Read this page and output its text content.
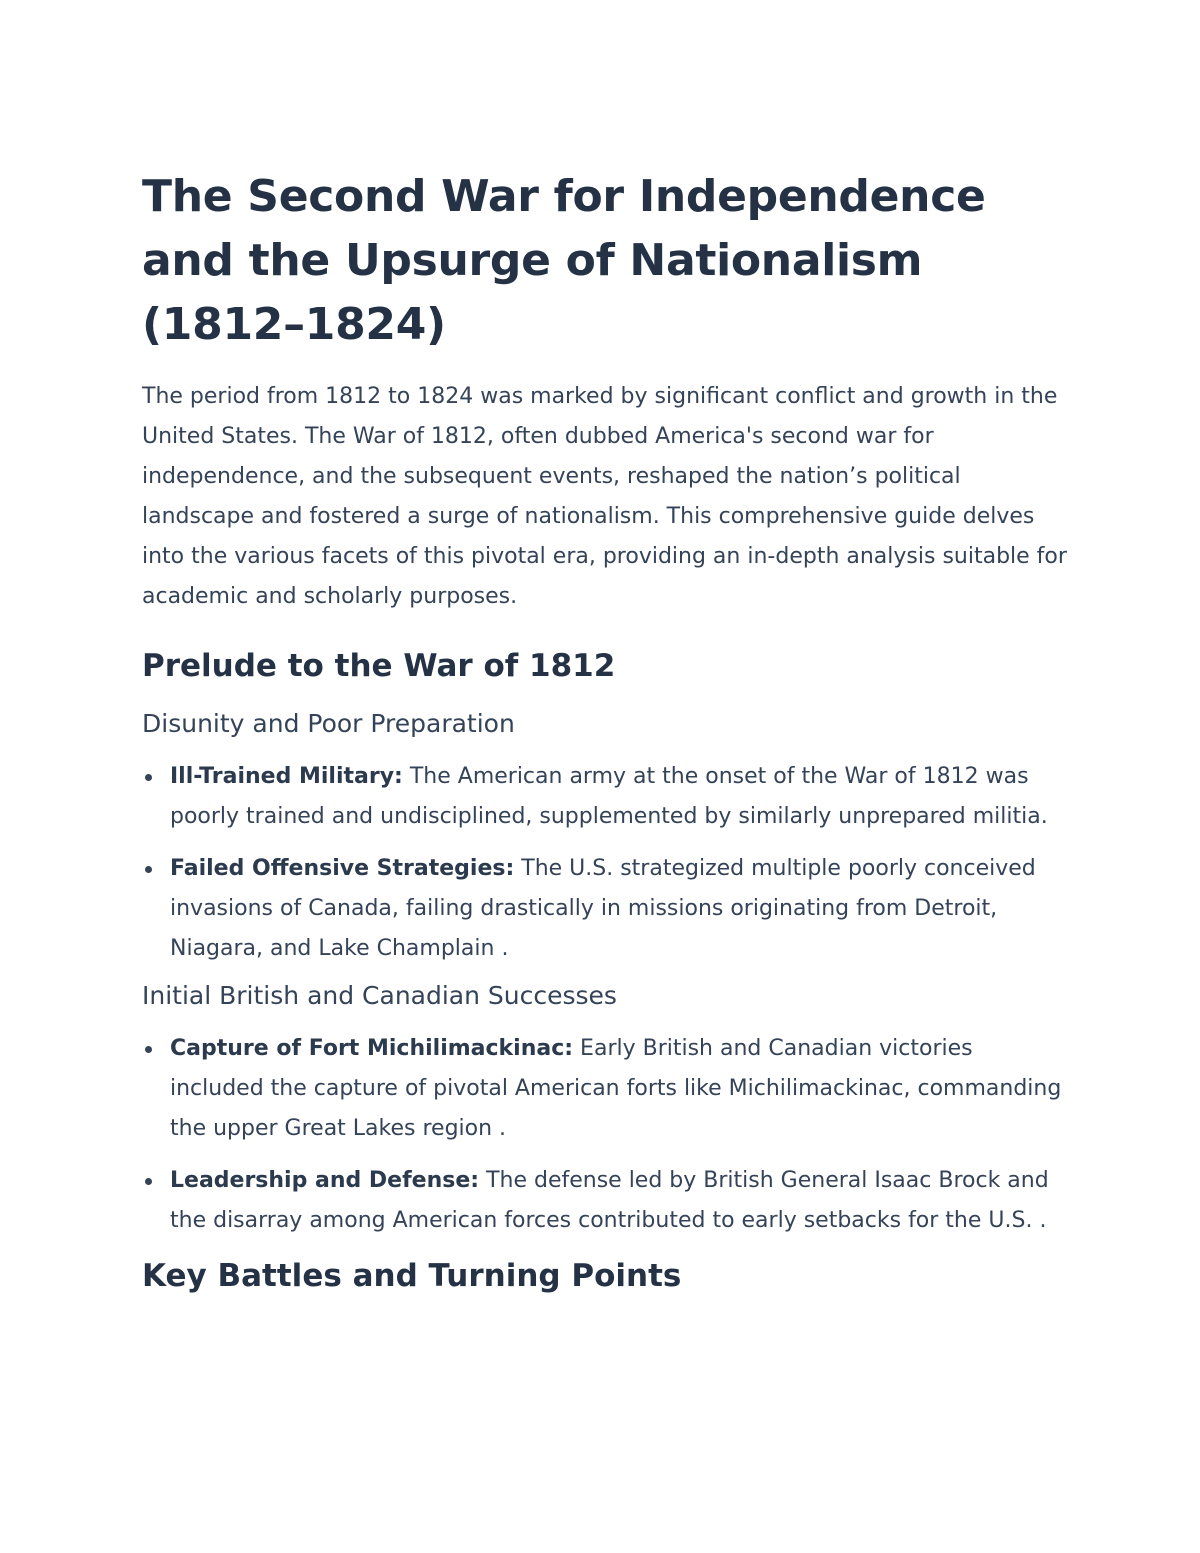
The Second War for Independence and the Upsurge of Nationalism (1812–1824)

The period from 1812 to 1824 was marked by significant conflict and growth in the United States. The War of 1812, often dubbed America's second war for independence, and the subsequent events, reshaped the nation’s political landscape and fostered a surge of nationalism. This comprehensive guide delves into the various facets of this pivotal era, providing an in-depth analysis suitable for academic and scholarly purposes.

Prelude to the War of 1812
Disunity and Poor Preparation
Ill-Trained Military: The American army at the onset of the War of 1812 was poorly trained and undisciplined, supplemented by similarly unprepared militia.
Failed Offensive Strategies: The U.S. strategized multiple poorly conceived invasions of Canada, failing drastically in missions originating from Detroit, Niagara, and Lake Champlain .
Initial British and Canadian Successes
Capture of Fort Michilimackinac: Early British and Canadian victories included the capture of pivotal American forts like Michilimackinac, commanding the upper Great Lakes region .
Leadership and Defense: The defense led by British General Isaac Brock and the disarray among American forces contributed to early setbacks for the U.S. .
Key Battles and Turning Points
